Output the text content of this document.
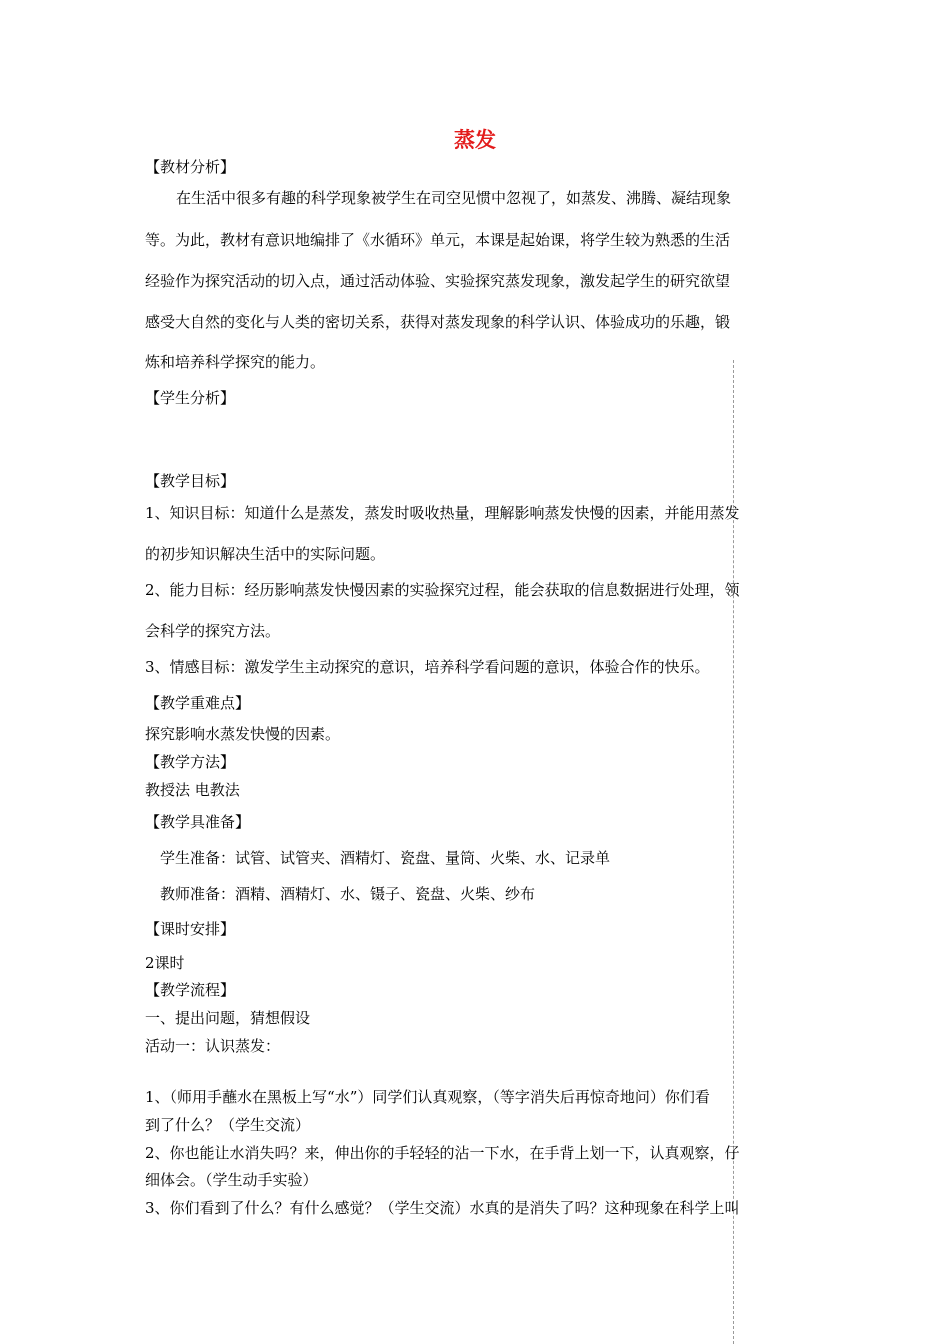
蒸发
【教材分析】
在生活中很多有趣的科学现象被学生在司空见惯中忽视了，如蒸发、沸腾、凝结现象
等。为此，教材有意识地编排了《水循环》单元，本课是起始课，将学生较为熟悉的生活
经验作为探究活动的切入点，通过活动体验、实验探究蒸发现象，激发起学生的研究欲望
感受大自然的变化与人类的密切关系，获得对蒸发现象的科学认识、体验成功的乐趣，锻
炼和培养科学探究的能力。
【学生分析】
【教学目标】
1、知识目标：知道什么是蒸发，蒸发时吸收热量，理解影响蒸发快慢的因素，并能用蒸发
的初步知识解决生活中的实际问题。
2、能力目标：经历影响蒸发快慢因素的实验探究过程，能会获取的信息数据进行处理，领
会科学的探究方法。
3、情感目标：激发学生主动探究的意识，培养科学看问题的意识，体验合作的快乐。
【教学重难点】
探究影响水蒸发快慢的因素。
【教学方法】
教授法 电教法
【教学具准备】
学生准备：试管、试管夹、酒精灯、瓷盘、量筒、火柴、水、记录单
教师准备：酒精、酒精灯、水、镊子、瓷盘、火柴、纱布
【课时安排】
2课时
【教学流程】
一、提出问题，猜想假设
活动一：认识蒸发：
1、（师用手蘸水在黑板上写“水”）同学们认真观察，（等字消失后再惊奇地问）你们看
到了什么？（学生交流）
2、你也能让水消失吗？来，伸出你的手轻轻的沾一下水，在手背上划一下，认真观察，仔
细体会。（学生动手实验）
3、你们看到了什么？有什么感觉？（学生交流）水真的是消失了吗？这种现象在科学上叫
